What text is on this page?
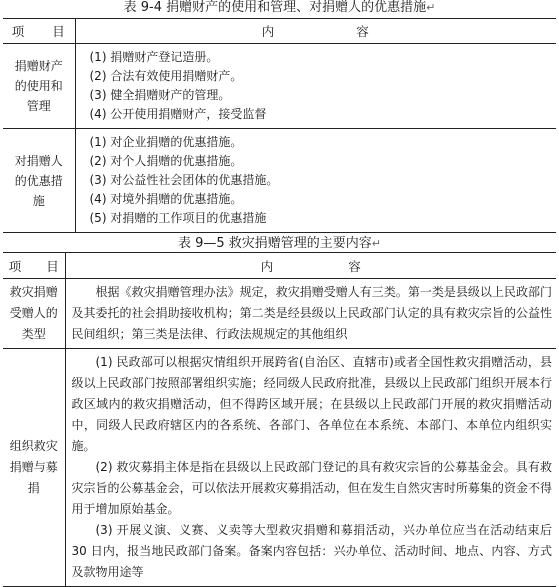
表 9-4 捐赠财产的使用和管理、对捐赠人的优惠措施↵
项　　目	内　　　　　　容
捐赠财产的使用和管理	(1) 捐赠财产登记造册。
(2) 合法有效使用捐赠财产。
(3) 健全捐赠财产的管理。
(4) 公开使用捐赠财产，接受监督

对捐赠人的优惠措施	(1) 对企业捐赠的优惠措施。
(2) 对个人捐赠的优惠措施。
(3) 对公益性社会团体的优惠措施。
(4) 对境外捐赠的优惠措施。
(5) 对捐赠的工作项目的优惠措施
表 9—5 救灾捐赠管理的主要内容↵
项　　目	内　　　　　　容
救灾捐赠受赠人的类型	根据《救灾捐赠管理办法》规定，救灾捐赠受赠人有三类。第一类是县级以上民政部门及其委托的社会捐助接收机构；第二类是经县级以上民政部门认定的具有救灾宗旨的公益性民间组织；第三类是法律、行政法规规定的其他组织

组织救灾捐赠与募捐	(1) 民政部可以根据灾情组织开展跨省(自治区、直辖市)或者全国性救灾捐赠活动，县级以上民政部门按照部署组织实施；经同级人民政府批准，县级以上民政部门组织开展本行政区域内的救灾捐赠活动，但不得跨区域开展；在县级以上民政部门开展的救灾捐赠活动中，同级人民政府辖区内的各系统、各部门、各单位在本系统、本部门、本单位内组织实施。
(2) 救灾募捐主体是指在县级以上民政部门登记的具有救灾宗旨的公募基金会。具有救灾宗旨的公募基金会，可以依法开展救灾募捐活动，但在发生自然灾害时所募集的资金不得用于增加原始基金。
(3) 开展义演、义赛、义卖等大型救灾捐赠和募捐活动，兴办单位应当在活动结束后 30 日内，报当地民政部门备案。备案内容包括：兴办单位、活动时间、地点、内容、方式及款物用途等
